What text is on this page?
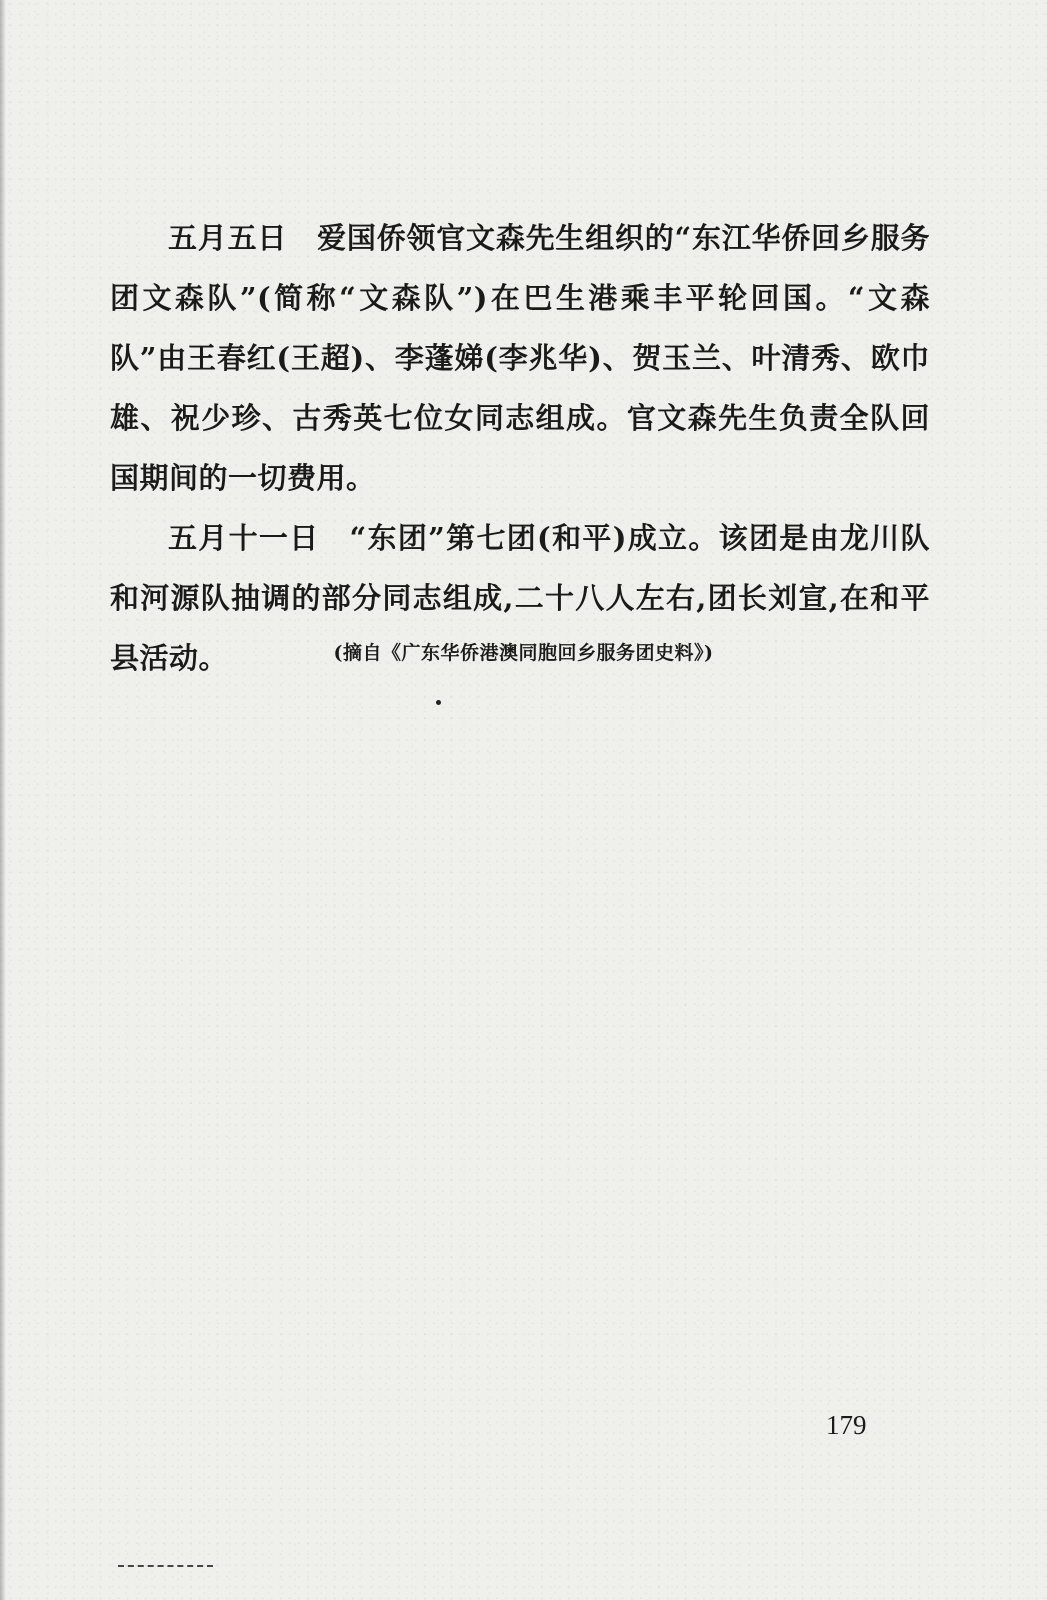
五月五日 爱国侨领官文森先生组织的“东江华侨回乡服务团文森队”(简称“文森队”)在巴生港乘丰平轮回国。“文森队”由王春红(王超)、李蓬娣(李兆华)、贺玉兰、叶清秀、欧巾雄、祝少珍、古秀英七位女同志组成。官文森先生负责全队回国期间的一切费用。

五月十一日 “东团”第七团(和平)成立。该团是由龙川队和河源队抽调的部分同志组成,二十八人左右,团长刘宣,在和平县活动。	(摘自《广东华侨港澳同胞回乡服务团史料》)
179
